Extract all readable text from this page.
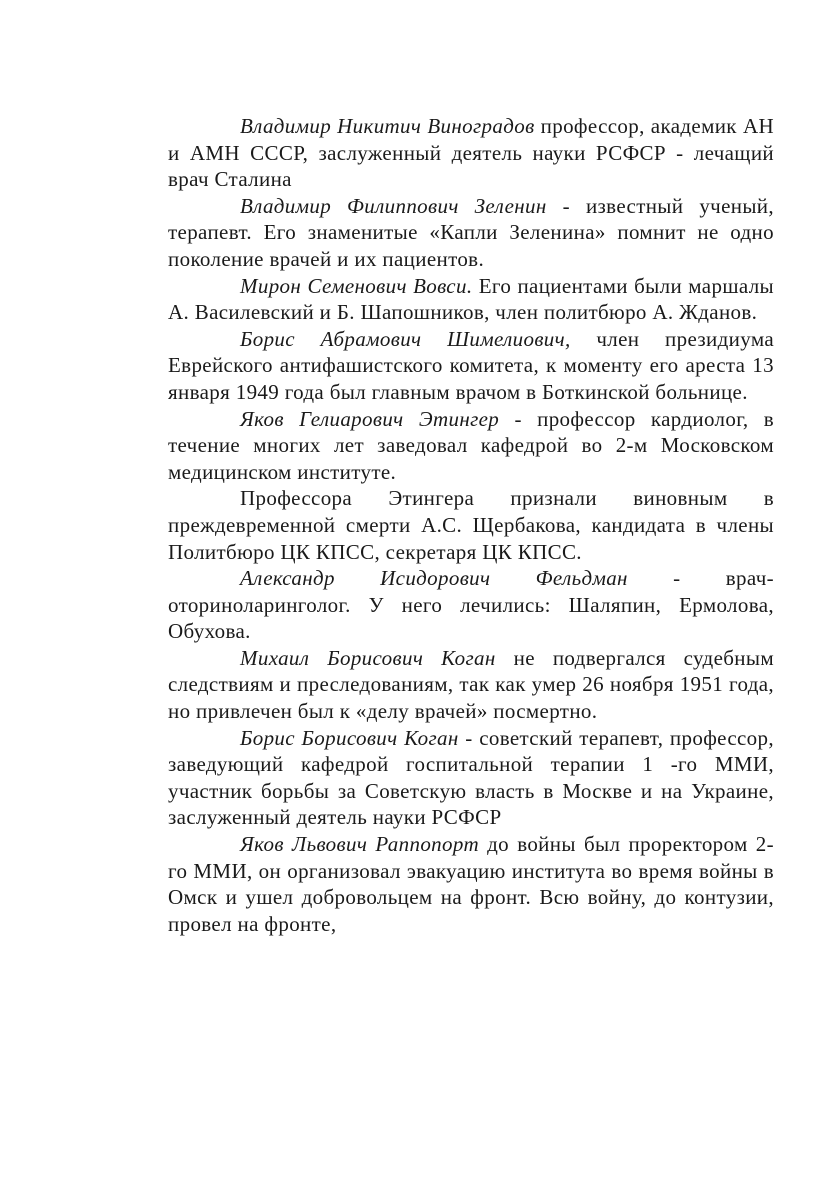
Владимир Никитич Виноградов профессор, академик АН и АМН СССР, заслуженный деятель науки РСФСР - лечащий врач Сталина

Владимир Филиппович Зеленин - известный ученый, терапевт. Его знаменитые «Капли Зеленина» помнит не одно поколение врачей и их пациентов.

Мирон Семенович Вовси. Его пациентами были маршалы А. Василевский и Б. Шапошников, член политбюро А. Жданов.

Борис Абрамович Шимелиович, член президиума Еврейского антифашистского комитета, к моменту его ареста 13 января 1949 года был главным врачом в Боткинской больнице.

Яков Гелиарович Этингер - профессор кардиолог, в течение многих лет заведовал кафедрой во 2-м Московском медицинском институте.

Профессора Этингера признали виновным в преждевременной смерти А.С. Щербакова, кандидата в члены Политбюро ЦК КПСС, секретаря ЦК КПСС.

Александр Исидорович Фельдман - врач-оториноларинголог. У него лечились: Шаляпин, Ермолова, Обухова.

Михаил Борисович Коган не подвергался судебным следствиям и преследованиям, так как умер 26 ноября 1951 года, но привлечен был к «делу врачей» посмертно.

Борис Борисович Коган - советский терапевт, профессор, заведующий кафедрой госпитальной терапии 1 -го ММИ, участник борьбы за Советскую власть в Москве и на Украине, заслуженный деятель науки РСФСР

Яков Львович Раппопорт до войны был проректором 2-го ММИ, он организовал эвакуацию института во время войны в Омск и ушел добровольцем на фронт. Всю войну, до контузии, провел на фронте,
